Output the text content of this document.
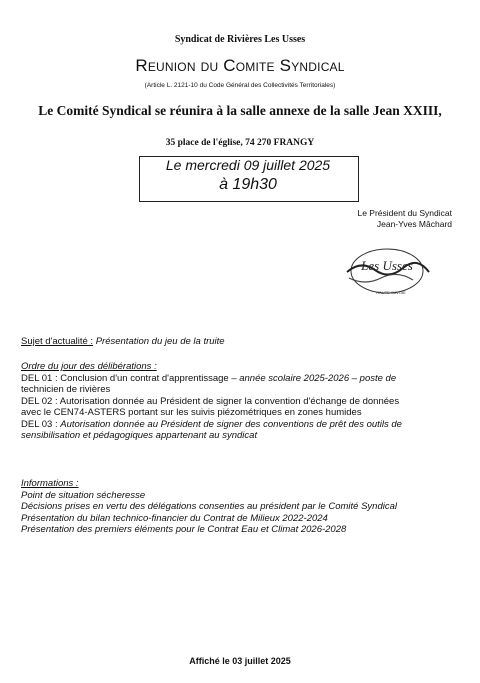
Syndicat de Rivières Les Usses
Reunion du Comite Syndical
(Article L. 2121-10 du Code Général des Collectivités Territoriales)
Le Comité Syndical se réunira à la salle annexe de la salle Jean XXIII,
35 place de l'église, 74 270 FRANGY
Le mercredi 09 juillet 2025
à 19h30
Le Président du Syndicat
Jean-Yves Mâchard
Les Usses
HAUTE-SAVOIE
Sujet d'actualité : Présentation du jeu de la truite
Ordre du jour des délibérations :
DEL 01 : Conclusion d'un contrat d'apprentissage – année scolaire 2025-2026 – poste de
technicien de rivières
DEL 02 : Autorisation donnée au Président de signer la convention d'échange de données
avec le CEN74-ASTERS portant sur les suivis piézométriques en zones humides
DEL 03 : Autorisation donnée au Président de signer des conventions de prêt des outils de
sensibilisation et pédagogiques appartenant au syndicat
Informations :
Point de situation sécheresse
Décisions prises en vertu des délégations consenties au président par le Comité Syndical
Présentation du bilan technico-financier du Contrat de Milieux 2022-2024
Présentation des premiers éléments pour le Contrat Eau et Climat 2026-2028
Affiché le 03 juillet 2025
